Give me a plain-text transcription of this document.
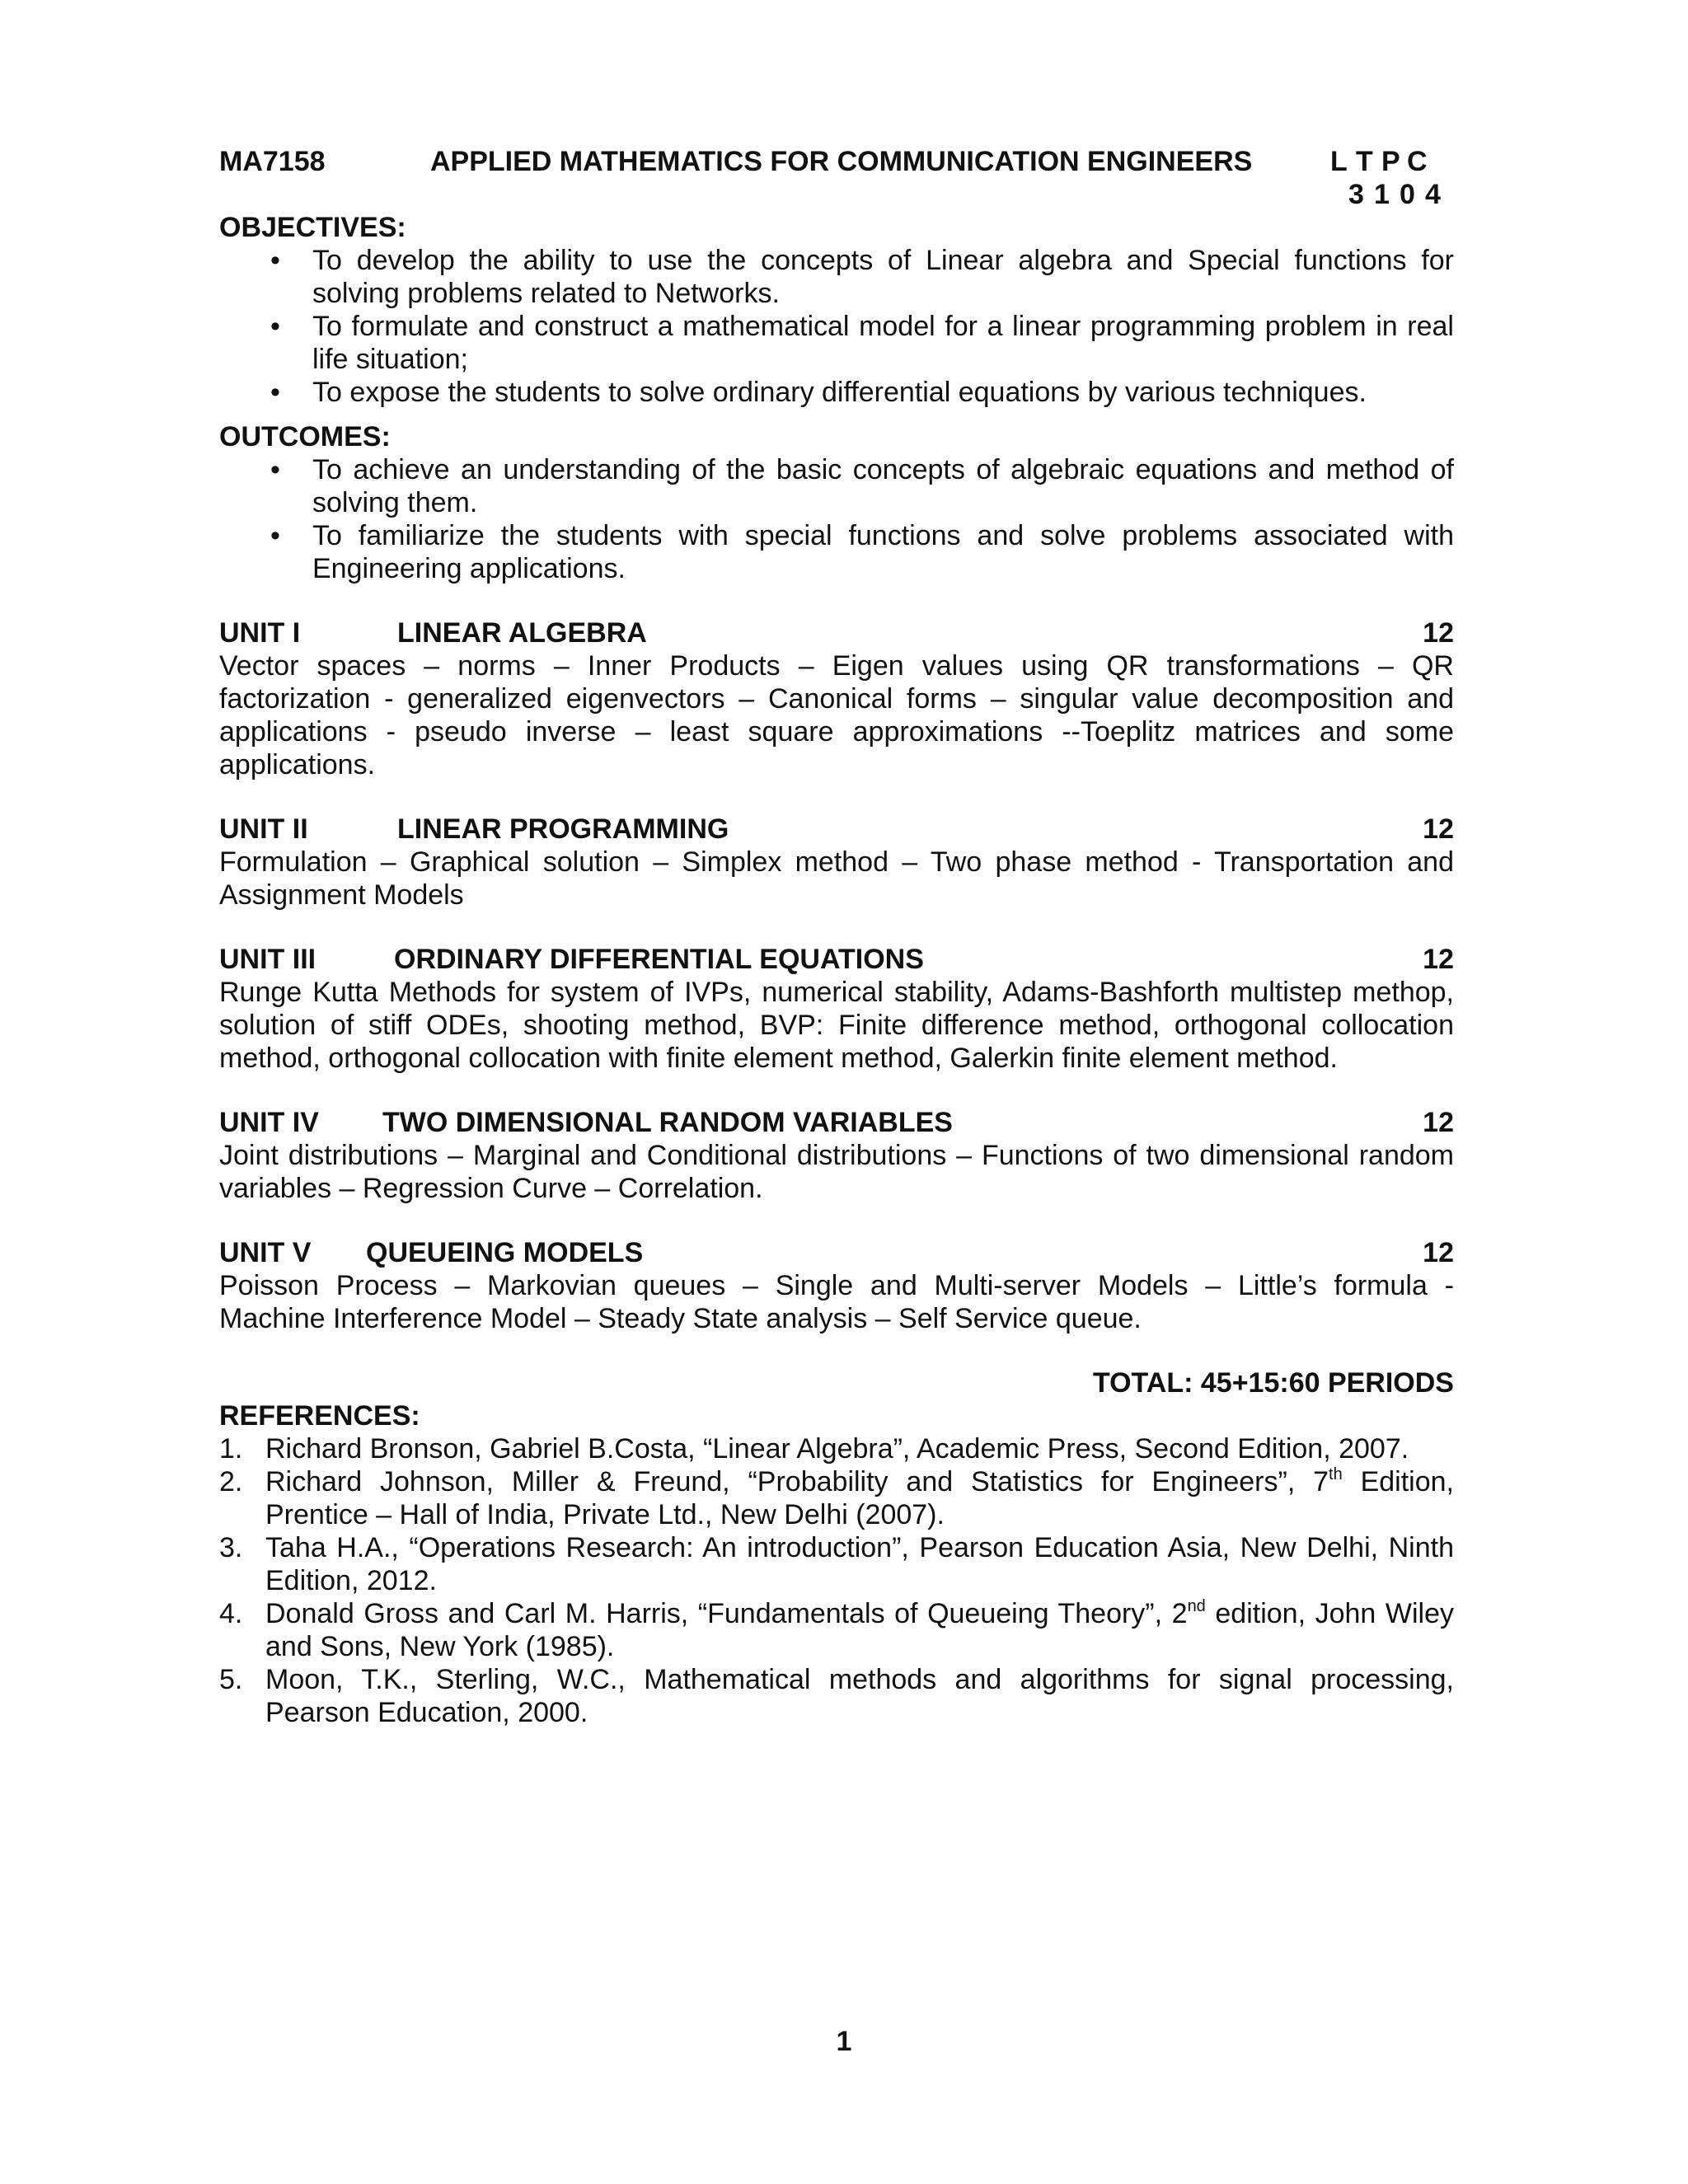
MA7158	APPLIED MATHEMATICS FOR COMMUNICATION ENGINEERS	L T P C
3 1 0 4
OBJECTIVES:
• To develop the ability to use the concepts of Linear algebra and Special functions for
solving problems related to Networks.
• To formulate and construct a mathematical model for a linear programming problem in real
life situation;
• To expose the students to solve ordinary differential equations by various techniques.
OUTCOMES:
• To achieve an understanding of the basic concepts of algebraic equations and method of
solving them.
• To familiarize the students with special functions and solve problems associated with
Engineering applications.
UNIT I	LINEAR ALGEBRA	12
Vector spaces – norms – Inner Products – Eigen values using QR transformations – QR
factorization - generalized eigenvectors – Canonical forms – singular value decomposition and
applications - pseudo inverse – least square approximations --Toeplitz matrices and some
applications.
UNIT II	LINEAR PROGRAMMING	12
Formulation – Graphical solution – Simplex method – Two phase method - Transportation and
Assignment Models
UNIT III	ORDINARY DIFFERENTIAL EQUATIONS	12
Runge Kutta Methods for system of IVPs, numerical stability, Adams-Bashforth multistep methop,
solution of stiff ODEs, shooting method, BVP: Finite difference method, orthogonal collocation
method, orthogonal collocation with finite element method, Galerkin finite element method.
UNIT IV	TWO DIMENSIONAL RANDOM VARIABLES	12
Joint distributions – Marginal and Conditional distributions – Functions of two dimensional random
variables – Regression Curve – Correlation.
UNIT V	QUEUEING MODELS	12
Poisson Process – Markovian queues – Single and Multi-server Models – Little’s formula -
Machine Interference Model – Steady State analysis – Self Service queue.
TOTAL: 45+15:60 PERIODS
REFERENCES:
1. Richard Bronson, Gabriel B.Costa, “Linear Algebra”, Academic Press, Second Edition, 2007.
2. Richard Johnson, Miller & Freund, “Probability and Statistics for Engineers”, 7th Edition,
Prentice – Hall of India, Private Ltd., New Delhi (2007).
3. Taha H.A., “Operations Research: An introduction”, Pearson Education Asia, New Delhi, Ninth
Edition, 2012.
4. Donald Gross and Carl M. Harris, “Fundamentals of Queueing Theory”, 2nd edition, John Wiley
and Sons, New York (1985).
5. Moon, T.K., Sterling, W.C., Mathematical methods and algorithms for signal processing,
Pearson Education, 2000.
1
